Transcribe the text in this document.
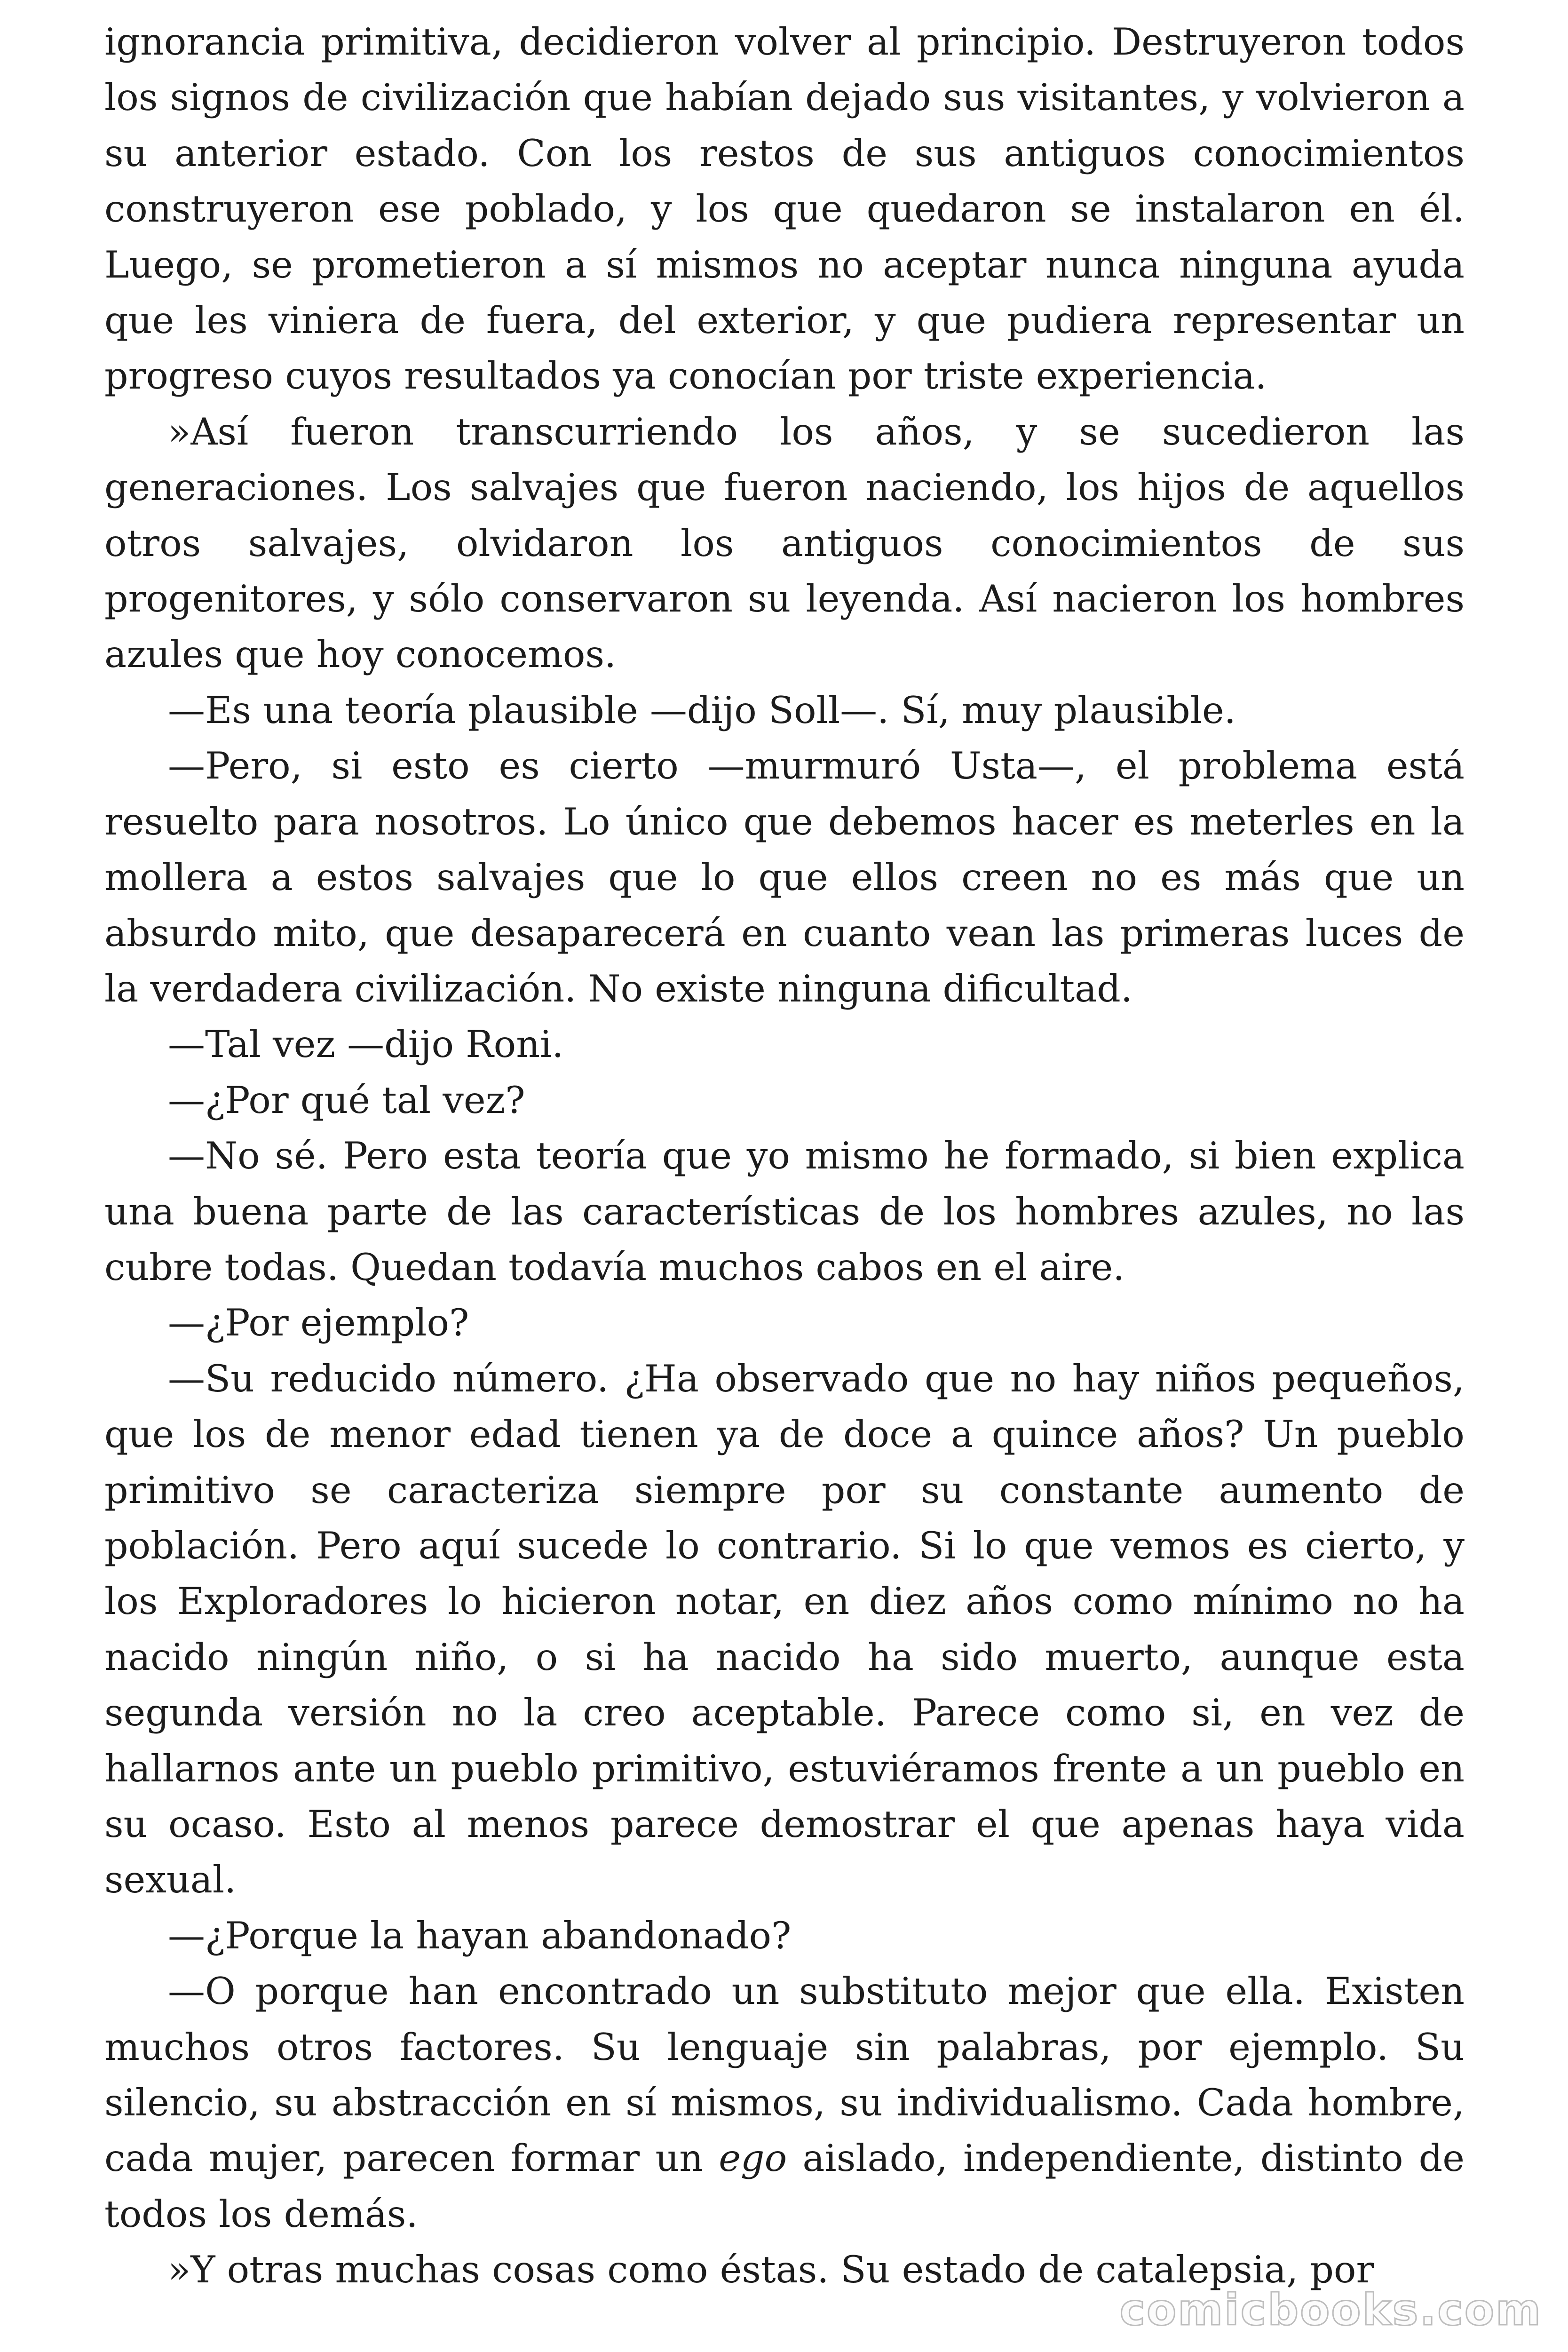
ignorancia primitiva, decidieron volver al principio. Destruyeron todos los signos de civilización que habían dejado sus visitantes, y volvieron a su anterior estado. Con los restos de sus antiguos conocimientos construyeron ese poblado, y los que quedaron se instalaron en él. Luego, se prometieron a sí mismos no aceptar nunca ninguna ayuda que les viniera de fuera, del exterior, y que pudiera representar un progreso cuyos resultados ya conocían por triste experiencia.

»Así fueron transcurriendo los años, y se sucedieron las generaciones. Los salvajes que fueron naciendo, los hijos de aquellos otros salvajes, olvidaron los antiguos conocimientos de sus progenitores, y sólo conservaron su leyenda. Así nacieron los hombres azules que hoy conocemos.

—Es una teoría plausible —dijo Soll—. Sí, muy plausible.

—Pero, si esto es cierto —murmuró Usta—, el problema está resuelto para nosotros. Lo único que debemos hacer es meterles en la mollera a estos salvajes que lo que ellos creen no es más que un absurdo mito, que desaparecerá en cuanto vean las primeras luces de la verdadera civilización. No existe ninguna dificultad.

—Tal vez —dijo Roni.

—¿Por qué tal vez?

—No sé. Pero esta teoría que yo mismo he formado, si bien explica una buena parte de las características de los hombres azules, no las cubre todas. Quedan todavía muchos cabos en el aire.

—¿Por ejemplo?

—Su reducido número. ¿Ha observado que no hay niños pequeños, que los de menor edad tienen ya de doce a quince años? Un pueblo primitivo se caracteriza siempre por su constante aumento de población. Pero aquí sucede lo contrario. Si lo que vemos es cierto, y los Exploradores lo hicieron notar, en diez años como mínimo no ha nacido ningún niño, o si ha nacido ha sido muerto, aunque esta segunda versión no la creo aceptable. Parece como si, en vez de hallarnos ante un pueblo primitivo, estuviéramos frente a un pueblo en su ocaso. Esto al menos parece demostrar el que apenas haya vida sexual.

—¿Porque la hayan abandonado?

—O porque han encontrado un substituto mejor que ella. Existen muchos otros factores. Su lenguaje sin palabras, por ejemplo. Su silencio, su abstracción en sí mismos, su individualismo. Cada hombre, cada mujer, parecen formar un ego aislado, independiente, distinto de todos los demás.

»Y otras muchas cosas como éstas. Su estado de catalepsia, por

comicbooks.com
